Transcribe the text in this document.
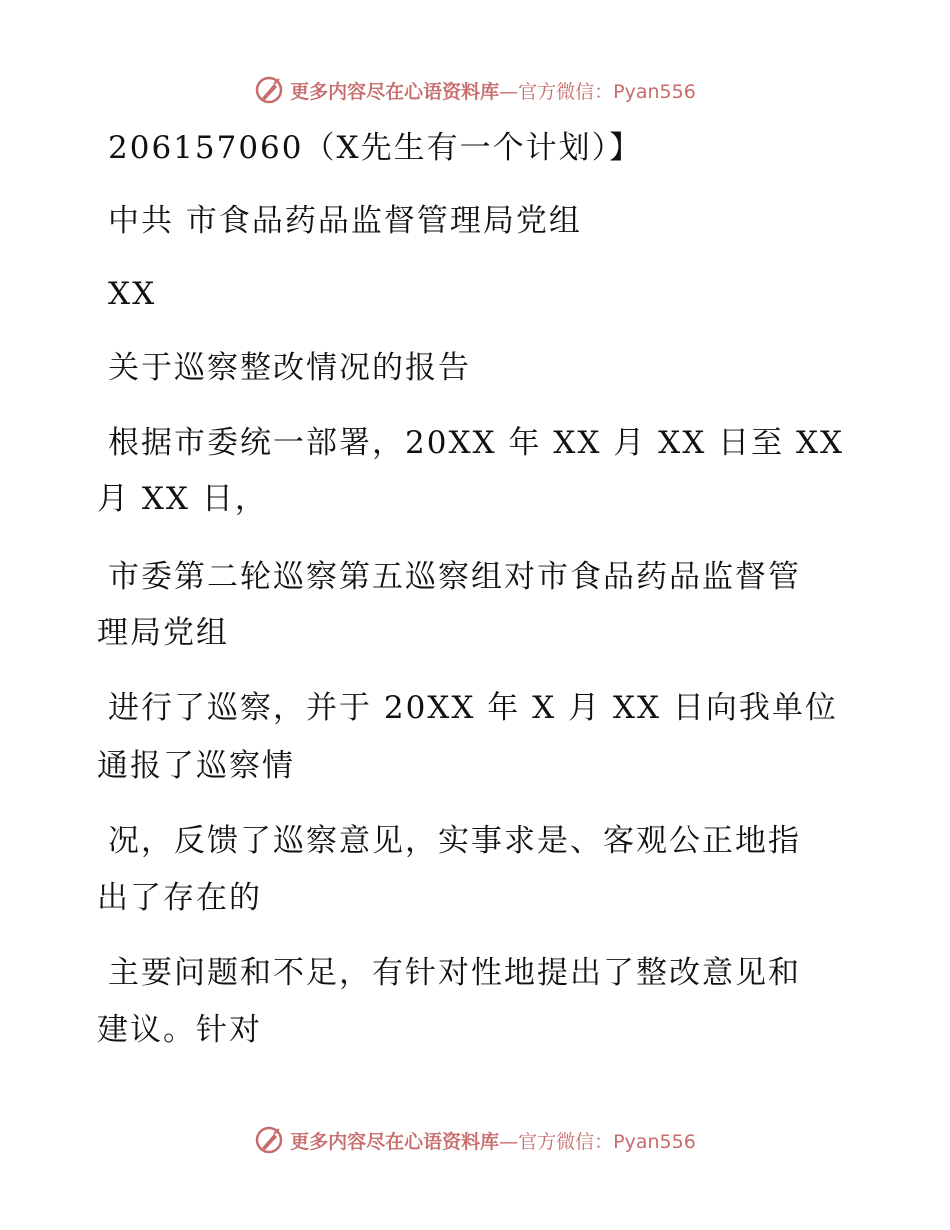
更多内容尽在心语资料库 —官方微信：Pyan556
206157060（X先生有一个计划）】
中共 市食品药品监督管理局党组
XX
关于巡察整改情况的报告
根据市委统一部署，20XX 年 XX 月 XX 日至 XX
月 XX 日，
市委第二轮巡察第五巡察组对市食品药品监督管
理局党组
进行了巡察，并于 20XX 年 X 月 XX 日向我单位
通报了巡察情
况，反馈了巡察意见，实事求是、客观公正地指
出了存在的
主要问题和不足，有针对性地提出了整改意见和
建议。针对
更多内容尽在心语资料库 —官方微信：Pyan556
